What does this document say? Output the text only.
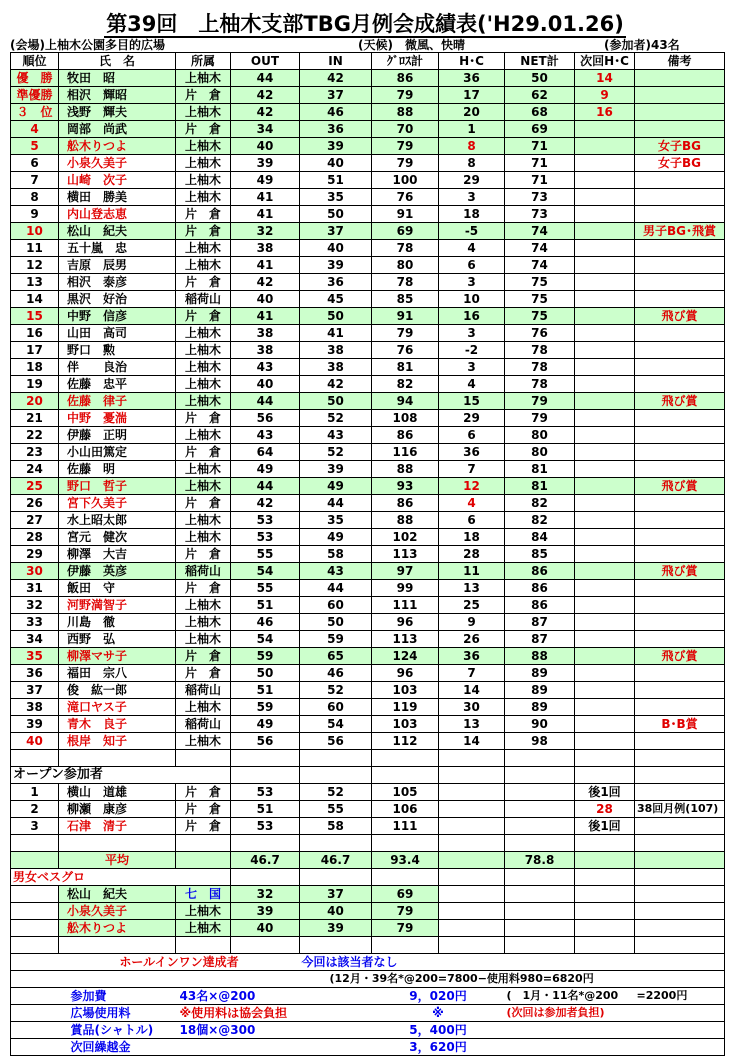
第39回　上柚木支部TBG月例会成績表('H29.01.26)
(会場)上柚木公園多目的広場	(天候)　微風、快晴	(参加者)43名
順位	氏　名	所属	OUT	IN	ｸﾞﾛｽ計	H･C	NET計	次回H･C	備考
優　勝	牧田　昭	上柚木	44	42	86	36	50	14	
準優勝	相沢　輝昭	片　倉	42	37	79	17	62	9	
３　位	浅野　輝夫	上柚木	42	46	88	20	68	16	
4	岡部　尚武	片　倉	34	36	70	1	69		
5	舩木りつよ	上柚木	40	39	79	8	71		女子BG
6	小泉久美子	上柚木	39	40	79	8	71		女子BG
7	山崎　次子	上柚木	49	51	100	29	71		
8	横田　勝美	上柚木	41	35	76	3	73		
9	内山登志恵	片　倉	41	50	91	18	73		
10	松山　紀夫	片　倉	32	37	69	-5	74		男子BG･飛賞
11	五十嵐　忠	上柚木	38	40	78	4	74		
12	吉原　辰男	上柚木	41	39	80	6	74		
13	相沢　泰彦	片　倉	42	36	78	3	75		
14	黒沢　好治	稲荷山	40	45	85	10	75		
15	中野　信彦	片　倉	41	50	91	16	75		飛び賞
16	山田　高司	上柚木	38	41	79	3	76		
17	野口　勲	上柚木	38	38	76	-2	78		
18	伴　　良治	上柚木	43	38	81	3	78		
19	佐藤　忠平	上柚木	40	42	82	4	78		
20	佐藤　律子	上柚木	44	50	94	15	79		飛び賞
21	中野　憂湍	片　倉	56	52	108	29	79		
22	伊藤　正明	上柚木	43	43	86	6	80		
23	小山田篤定	片　倉	64	52	116	36	80		
24	佐藤　明	上柚木	49	39	88	7	81		
25	野口　哲子	上柚木	44	49	93	12	81		飛び賞
26	宮下久美子	片　倉	42	44	86	4	82		
27	水上昭太郎	上柚木	53	35	88	6	82		
28	宮元　健次	上柚木	53	49	102	18	84		
29	柳澤　大吉	片　倉	55	58	113	28	85		
30	伊藤　英彦	稲荷山	54	43	97	11	86		飛び賞
31	飯田　守	片　倉	55	44	99	13	86		
32	河野満智子	上柚木	51	60	111	25	86		
33	川島　徹	上柚木	46	50	96	9	87		
34	西野　弘	上柚木	54	59	113	26	87		
35	柳澤マサ子	片　倉	59	65	124	36	88		飛び賞
36	福田　宗八	片　倉	50	46	96	7	89		
37	俊　紘一郎	稲荷山	51	52	103	14	89		
38	滝口ヤス子	上柚木	59	60	119	30	89		
39	青木　良子	稲荷山	49	54	103	13	90		B･B賞
40	根岸　知子	上柚木	56	56	112	14	98		

オープン参加者									
1	横山　道雄	片　倉	53	52	105			後1回	
2	柳瀬　康彦	片　倉	51	55	106			28	38回月例(107)
3	石津　清子	片　倉	53	58	111			後1回	

	平均		46.7	46.7	93.4		78.8		
男女ベスグロ									
	松山　紀夫	七　国	32	37	69				
	小泉久美子	上柚木	39	40	79				
	舩木りつよ	上柚木	40	39	79				

	ホールインワン達成者			今回は該当者なし					
				(12月・39名*@200=7800−使用料980=6820円					
	参加費	43名×@200			9，020円		(　1月・11名*@200		=2200円
	広場使用料	※使用料は協会負担			※		(次回は参加者負担)		
	賞品(シャトル)	18個×@300			5，400円				
	次回繰越金				3，620円				
